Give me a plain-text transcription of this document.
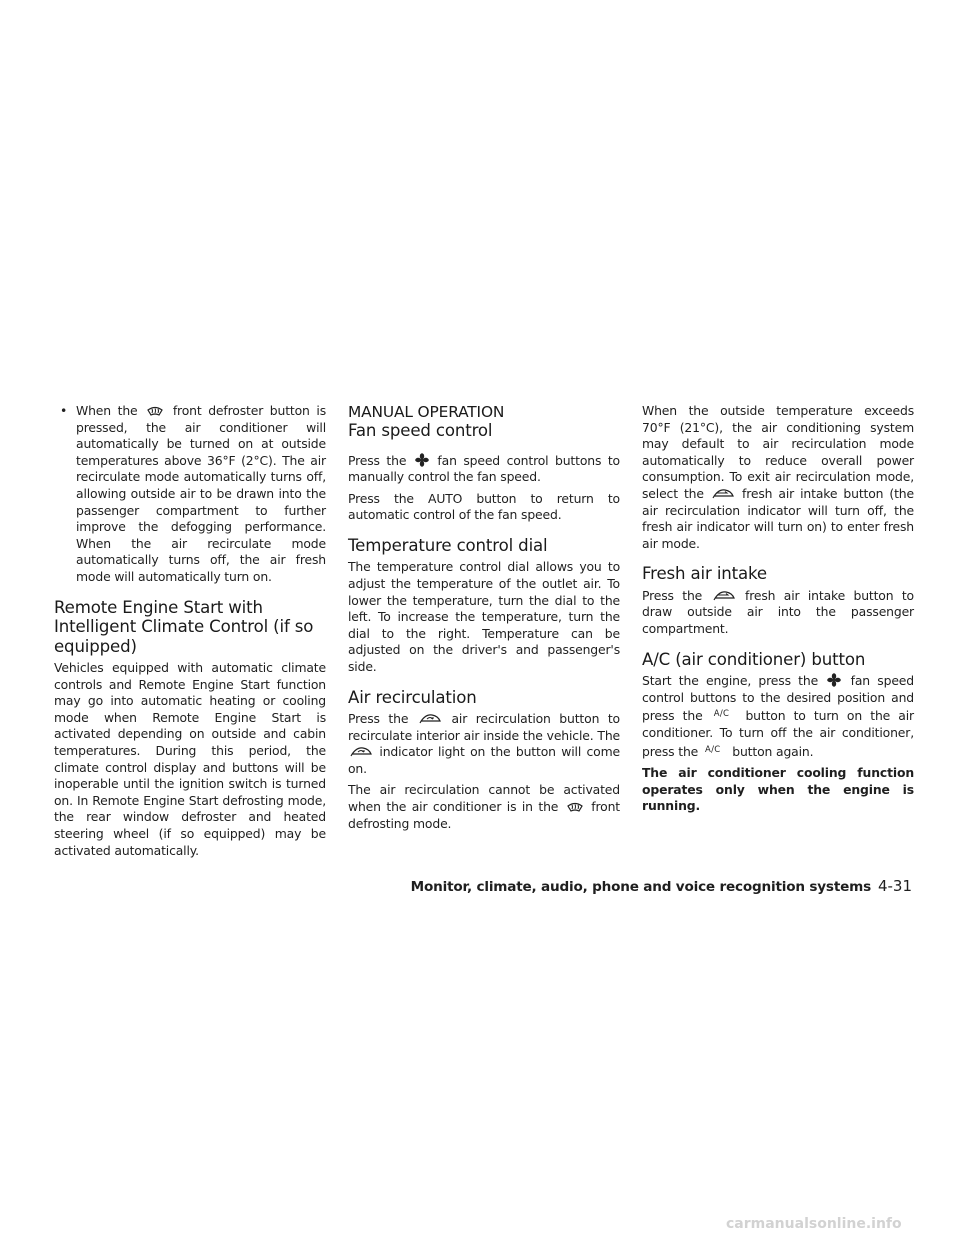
• When the	front defroster button is pressed, the air conditioner will automatically be turned on at outside temperatures above 36°F (2°C). The air recirculate mode automatically turns off, allowing outside air to be drawn into the passenger compartment to further improve the defogging performance. When the air recirculate mode automatically turns off, the air fresh mode will automatically turn on.

Remote Engine Start with Intelligent Climate Control (if so equipped)

Vehicles equipped with automatic climate controls and Remote Engine Start function may go into automatic heating or cooling mode when Remote Engine Start is activated depending on outside and cabin temperatures. During this period, the climate control display and buttons will be inoperable until the ignition switch is turned on. In Remote Engine Start defrosting mode, the rear window defroster and heated steering wheel (if so equipped) may be activated automatically.

MANUAL OPERATION
Fan speed control

Press the	fan speed control buttons to manually control the fan speed.

Press the AUTO button to return to automatic control of the fan speed.

Temperature control dial

The temperature control dial allows you to adjust the temperature of the outlet air. To lower the temperature, turn the dial to the left. To increase the temperature, turn the dial to the right. Temperature can be adjusted on the driver's and passenger's side.

Air recirculation

Press the	air recirculation button to recirculate interior air inside the vehicle. The
indicator light on the button will come on.

The air recirculation cannot be activated when the air conditioner is in the	front defrosting mode.

When the outside temperature exceeds 70°F (21°C), the air conditioning system may default to air recirculation mode automatically to reduce overall power consumption. To exit air recirculation mode, select the	fresh air intake button (the air recirculation indicator will turn off, the fresh air indicator will turn on) to enter fresh air mode.

Fresh air intake

Press the	fresh air intake button to draw outside air into the passenger compartment.

A/C (air conditioner) button

Start the engine, press the	fan speed control buttons to the desired position and press the A/C button to turn on the air conditioner. To turn off the air conditioner, press the A/C button again.

The air conditioner cooling function operates only when the engine is running.

Monitor, climate, audio, phone and voice recognition systems 4-31
carmanualsonline.info
